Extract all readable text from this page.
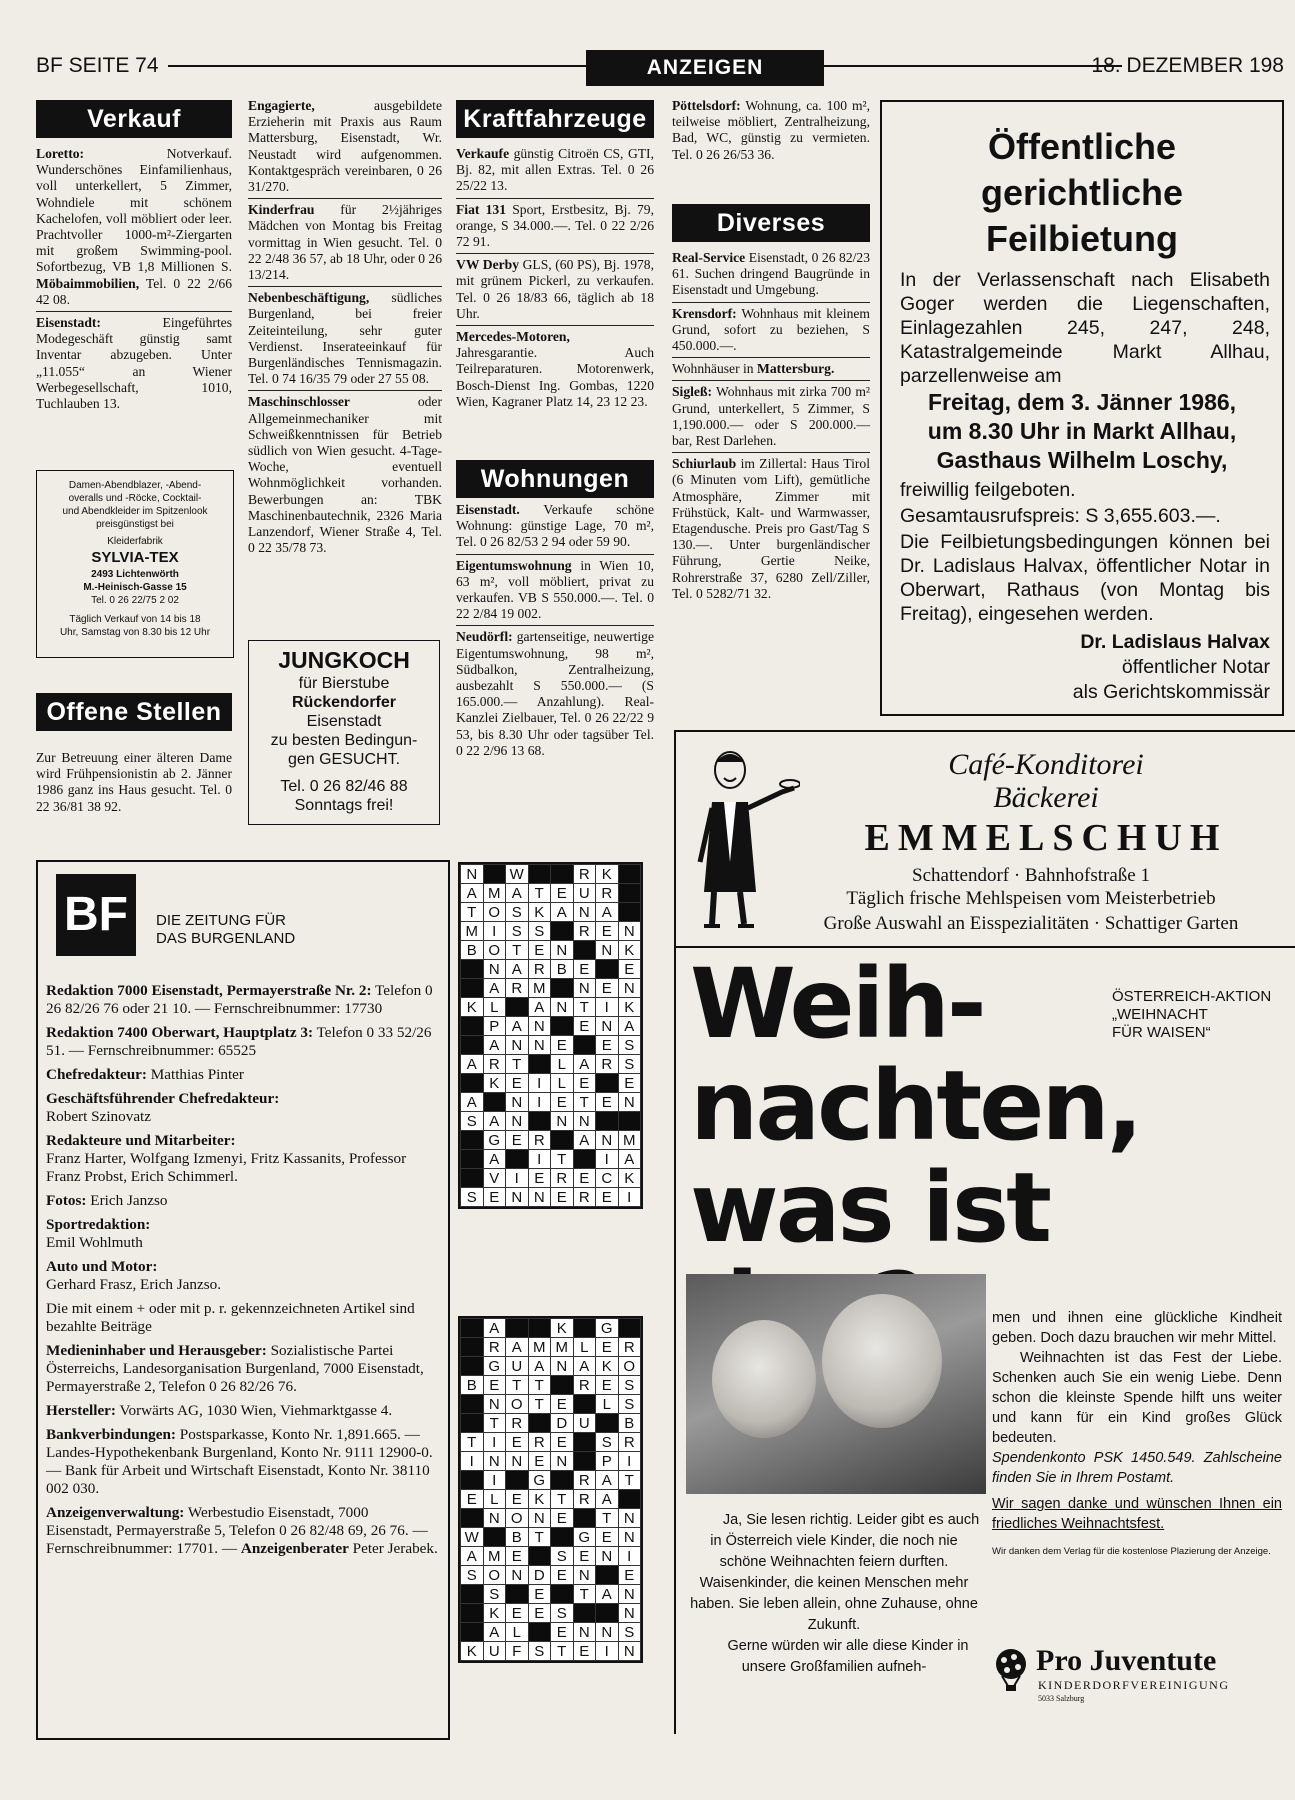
BF SEITE 74	ANZEIGEN	18. DEZEMBER 198
Verkauf

Loretto: Notverkauf. Wunderschönes Einfamilienhaus, voll unterkellert, 5 Zimmer, Wohndiele mit schönem Kachelofen, voll möbliert oder leer. Prachtvoller 1000-m²-Ziergarten mit großem Swimming-pool. Sofortbezug, VB 1,8 Millionen S. Möbaimmobilien, Tel. 0 22 2/66 42 08.

Eisenstadt: Eingeführtes Modegeschäft günstig samt Inventar abzugeben. Unter „11.055“ an Wiener Werbegesellschaft, 1010, Tuchlauben 13.

Damen-Abendblazer, -Abend-
overalls und -Röcke, Cocktail-
und Abendkleider im Spitzenlook
preisgünstigst bei
Kleiderfabrik
SYLVIA-TEX
2493 Lichtenwörth
M.-Heinisch-Gasse 15
Tel. 0 26 22/75 2 02
Täglich Verkauf von 14 bis 18
Uhr, Samstag von 8.30 bis 12 Uhr
Offene Stellen

Zur Betreuung einer älteren Dame wird Frühpensionistin ab 2. Jänner 1986 ganz ins Haus gesucht. Tel. 0 22 36/81 38 92.

Engagierte, ausgebildete Erzieherin mit Praxis aus Raum Mattersburg, Eisenstadt, Wr. Neustadt wird aufgenommen. Kontaktgespräch vereinbaren, 0 26 31/270.

Kinderfrau für 2½jähriges Mädchen von Montag bis Freitag vormittag in Wien gesucht. Tel. 0 22 2/48 36 57, ab 18 Uhr, oder 0 26 13/214.

Nebenbeschäftigung, südliches Burgenland, bei freier Zeiteinteilung, sehr guter Verdienst. Inserateeinkauf für Burgenländisches Tennismagazin. Tel. 0 74 16/35 79 oder 27 55 08.

Maschinschlosser oder Allgemeinmechaniker mit Schweißkenntnissen für Betrieb südlich von Wien gesucht. 4-Tage-Woche, eventuell Wohnmöglichkeit vorhanden. Bewerbungen an: TBK Maschinenbautechnik, 2326 Maria Lanzendorf, Wiener Straße 4, Tel. 0 22 35/78 73.

JUNGKOCH
für Bierstube
Rückendorfer
Eisenstadt
zu besten Bedingun-
gen GESUCHT.
Tel. 0 26 82/46 88
Sonntags frei!
Kraftfahrzeuge

Verkaufe günstig Citroën CS, GTI, Bj. 82, mit allen Extras. Tel. 0 26 25/22 13.

Fiat 131 Sport, Erstbesitz, Bj. 79, orange, S 34.000.—. Tel. 0 22 2/26 72 91.

VW Derby GLS, (60 PS), Bj. 1978, mit grünem Pickerl, zu verkaufen. Tel. 0 26 18/83 66, täglich ab 18 Uhr.

Mercedes-Motoren, Jahresgarantie. Auch Teilreparaturen. Motorenwerk, Bosch-Dienst Ing. Gombas, 1220 Wien, Kagraner Platz 14, 23 12 23.

Wohnungen

Eisenstadt. Verkaufe schöne Wohnung: günstige Lage, 70 m², Tel. 0 26 82/53 2 94 oder 59 90.

Eigentumswohnung in Wien 10, 63 m², voll möbliert, privat zu verkaufen. VB S 550.000.—. Tel. 0 22 2/84 19 002.

Neudörfl: gartenseitige, neuwertige Eigentumswohnung, 98 m², Südbalkon, Zentralheizung, ausbezahlt S 550.000.— (S 165.000.— Anzahlung). Real-Kanzlei Zielbauer, Tel. 0 26 22/22 9 53, bis 8.30 Uhr oder tagsüber Tel. 0 22 2/96 13 68.

Pöttelsdorf: Wohnung, ca. 100 m², teilweise möbliert, Zentralheizung, Bad, WC, günstig zu vermieten. Tel. 0 26 26/53 36.

Diverses

Real-Service Eisenstadt, 0 26 82/23 61. Suchen dringend Baugründe in Eisenstadt und Umgebung.

Krensdorf: Wohnhaus mit kleinem Grund, sofort zu beziehen, S 450.000.—.

Wohnhäuser in Mattersburg.

Sigleß: Wohnhaus mit zirka 700 m² Grund, unterkellert, 5 Zimmer, S 1,190.000.— oder S 200.000.— bar, Rest Darlehen.

Schiurlaub im Zillertal: Haus Tirol (6 Minuten vom Lift), gemütliche Atmosphäre, Zimmer mit Frühstück, Kalt- und Warmwasser, Etagendusche. Preis pro Gast/Tag S 130.—. Unter burgenländischer Führung, Gertie Neike, Rohrerstraße 37, 6280 Zell/Ziller, Tel. 0 5282/71 32.

Öffentliche
gerichtliche
Feilbietung
In der Verlassenschaft nach Elisabeth Goger werden die Liegenschaften, Einlagezahlen 245, 247, 248, Katastralgemeinde Markt Allhau, parzellenweise am
Freitag, dem 3. Jänner 1986,
um 8.30 Uhr in Markt Allhau,
Gasthaus Wilhelm Loschy,
freiwillig feilgeboten.
Gesamtausrufspreis: S 3,655.603.—.
Die Feilbietungsbedingungen können bei Dr. Ladislaus Halvax, öffentlicher Notar in Oberwart, Rathaus (von Montag bis Freitag), eingesehen werden.
Dr. Ladislaus Halvax
öffentlicher Notar
als Gerichtskommissär
Café-Konditorei
Bäckerei
EMMELSCHUH
Schattendorf · Bahnhofstraße 1
Täglich frische Mehlspeisen vom Meisterbetrieb
Große Auswahl an Eisspezialitäten · Schattiger Garten
BF	DIE ZEITUNG FÜR
DAS BURGENLAND
Redaktion 7000 Eisenstadt, Permayerstraße Nr. 2: Telefon 0 26 82/26 76 oder 21 10. — Fernschreibnummer: 17730
Redaktion 7400 Oberwart, Hauptplatz 3: Telefon 0 33 52/26 51. — Fernschreibnummer: 65525
Chefredakteur: Matthias Pinter
Geschäftsführender Chefredakteur:
Robert Szinovatz
Redakteure und Mitarbeiter:
Franz Harter, Wolfgang Izmenyi, Fritz Kassanits, Professor Franz Probst, Erich Schimmerl.
Fotos: Erich Janzso
Sportredaktion:
Emil Wohlmuth
Auto und Motor:
Gerhard Frasz, Erich Janzso.
Die mit einem + oder mit p. r. gekennzeichneten Artikel sind bezahlte Beiträge
Medieninhaber und Herausgeber: Sozialistische Partei Österreichs, Landesorganisation Burgenland, 7000 Eisenstadt, Permayerstraße 2, Telefon 0 26 82/26 76.
Hersteller: Vorwärts AG, 1030 Wien, Viehmarktgasse 4.
Bankverbindungen: Postsparkasse, Konto Nr. 1,891.665. — Landes-Hypothekenbank Burgenland, Konto Nr. 9111 12900-0. — Bank für Arbeit und Wirtschaft Eisenstadt, Konto Nr. 38110 002 030.
Anzeigenverwaltung: Werbestudio Eisenstadt, 7000 Eisenstadt, Permayerstraße 5, Telefon 0 26 82/48 69, 26 76. — Fernschreibnummer: 17701. — Anzeigenberater Peter Jerabek.
N		W			R	K	
A	M	A	T	E	U	R	
T	O	S	K	A	N	A	
M	I	S	S		R	E	N
B	O	T	E	N		N	K
	N	A	R	B	E		E
	A	R	M		N	E	N
K	L		A	N	T	I	K
	P	A	N		E	N	A
	A	N	N	E		E	S
A	R	T		L	A	R	S
	K	E	I	L	E		E
A		N	I	E	T	E	N
S	A	N		N	N		
	G	E	R		A	N	M
	A		I	T		I	A
	V	I	E	R	E	C	K
S	E	N	N	E	R	E	I
	A			K		G	
	R	A	M	M	L	E	R
	G	U	A	N	A	K	O
B	E	T	T		R	E	S
	N	O	T	E		L	S
	T	R		D	U		B
T	I	E	R	E		S	R
I	N	N	E	N		P	I
	I		G		R	A	T
E	L	E	K	T	R	A	
	N	O	N	E		T	N
W		B	T		G	E	N
A	M	E		S	E	N	I
S	O	N	D	E	N		E
	S		E		T	A	N
	K	E	E	S			N
	A	L		E	N	N	S
K	U	F	S	T	E	I	N
Weih-
nachten,
was ist
ÖSTERREICH-AKTION
„WEIHNACHT
FÜR WAISEN“
men und ihnen eine glückliche Kindheit geben. Doch dazu brauchen wir mehr Mittel.
Weihnachten ist das Fest der Liebe. Schenken auch Sie ein wenig Liebe. Denn schon die kleinste Spende hilft uns weiter und kann für ein Kind großes Glück bedeuten.
Spendenkonto PSK 1450.549. Zahlscheine finden Sie in Ihrem Postamt.
Wir sagen danke und wünschen Ihnen ein friedliches Weihnachtsfest.
Wir danken dem Verlag für die kostenlose Plazierung der Anzeige.
Ja, Sie lesen richtig. Leider gibt es auch in Österreich viele Kinder, die noch nie schöne Weihnachten feiern durften. Waisenkinder, die keinen Menschen mehr haben. Sie leben allein, ohne Zuhause, ohne Zukunft.
Gerne würden wir alle diese Kinder in unsere Großfamilien aufneh-	Pro Juventute
KINDERDORFVEREINIGUNG
5033 Salzburg
